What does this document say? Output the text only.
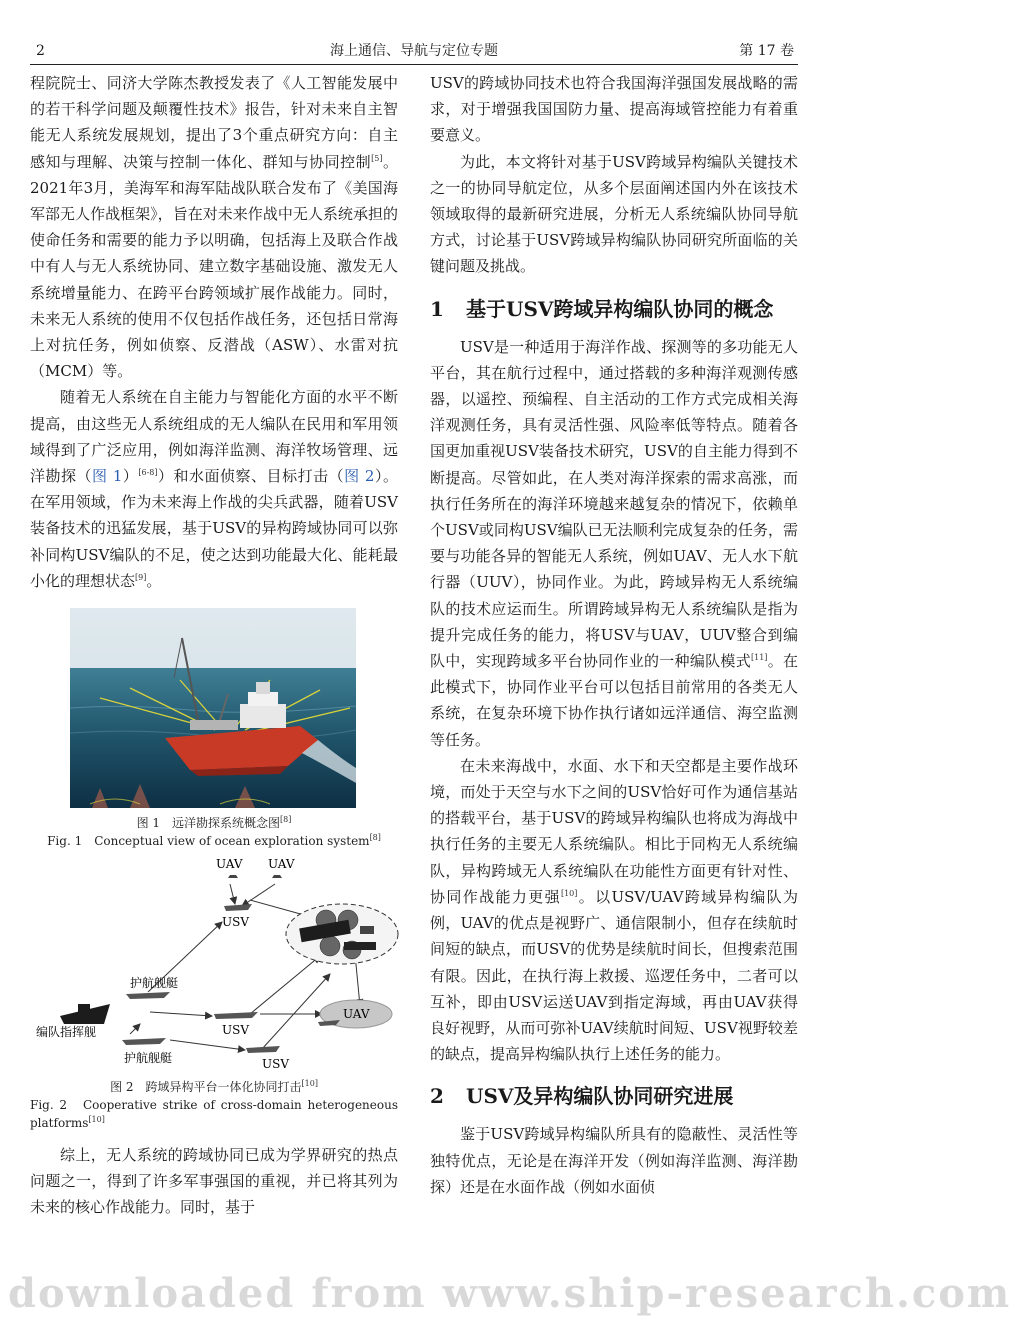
2	海上通信、导航与定位专题	第 17 卷

程院院士、同济大学陈杰教授发表了《人工智能发展中的若干科学问题及颠覆性技术》报告，针对未来自主智能无人系统发展规划，提出了3个重点研究方向：自主感知与理解、决策与控制一体化、群知与协同控制[5]。2021年3月，美海军和海军陆战队联合发布了《美国海军部无人作战框架》，旨在对未来作战中无人系统承担的使命任务和需要的能力予以明确，包括海上及联合作战中有人与无人系统协同、建立数字基础设施、激发无人系统增量能力、在跨平台跨领域扩展作战能力。同时，未来无人系统的使用不仅包括作战任务，还包括日常海上对抗任务，例如侦察、反潜战（ASW）、水雷对抗（MCM）等。

随着无人系统在自主能力与智能化方面的水平不断提高，由这些无人系统组成的无人编队在民用和军用领域得到了广泛应用，例如海洋监测、海洋牧场管理、远洋勘探（图 1）[6-8]）和水面侦察、目标打击（图 2）。在军用领域，作为未来海上作战的尖兵武器，随着USV装备技术的迅猛发展，基于USV的异构跨域协同可以弥补同构USV编队的不足，使之达到功能最大化、能耗最小化的理想状态[9]。

图 1　远洋勘探系统概念图[8]
Fig. 1　Conceptual view of ocean exploration system[8]
UAV UAV
USV
护航舰艇
USV
UAV
编队指挥舰
护航舰艇	USV
图 2　跨域异构平台一体化协同打击[10]
Fig. 2　Cooperative strike of cross-domain heterogeneous platforms[10]

综上，无人系统的跨域协同已成为学界研究的热点问题之一，得到了许多军事强国的重视，并已将其列为未来的核心作战能力。同时，基于

USV的跨域协同技术也符合我国海洋强国发展战略的需求，对于增强我国国防力量、提高海域管控能力有着重要意义。

为此，本文将针对基于USV跨域异构编队关键技术之一的协同导航定位，从多个层面阐述国内外在该技术领域取得的最新研究进展，分析无人系统编队协同导航方式，讨论基于USV跨域异构编队协同研究所面临的关键问题及挑战。

1 基于USV跨域异构编队协同的概念

USV是一种适用于海洋作战、探测等的多功能无人平台，其在航行过程中，通过搭载的多种海洋观测传感器，以遥控、预编程、自主活动的工作方式完成相关海洋观测任务，具有灵活性强、风险率低等特点。随着各国更加重视USV装备技术研究，USV的自主能力得到不断提高。尽管如此，在人类对海洋探索的需求高涨，而执行任务所在的海洋环境越来越复杂的情况下，依赖单个USV或同构USV编队已无法顺利完成复杂的任务，需要与功能各异的智能无人系统，例如UAV、无人水下航行器（UUV），协同作业。为此，跨域异构无人系统编队的技术应运而生。所谓跨域异构无人系统编队是指为提升完成任务的能力，将USV与UAV，UUV整合到编队中，实现跨域多平台协同作业的一种编队模式[11]。在此模式下，协同作业平台可以包括目前常用的各类无人系统，在复杂环境下协作执行诸如远洋通信、海空监测等任务。

在未来海战中，水面、水下和天空都是主要作战环境，而处于天空与水下之间的USV恰好可作为通信基站的搭载平台，基于USV的跨域异构编队也将成为海战中执行任务的主要无人系统编队。相比于同构无人系统编队，异构跨域无人系统编队在功能性方面更有针对性、协同作战能力更强[10]。以USV/UAV跨域异构编队为例，UAV的优点是视野广、通信限制小，但存在续航时间短的缺点，而USV的优势是续航时间长，但搜索范围有限。因此，在执行海上救援、巡逻任务中，二者可以互补，即由USV运送UAV到指定海域，再由UAV获得良好视野，从而可弥补UAV续航时间短、USV视野较差的缺点，提高异构编队执行上述任务的能力。

2 USV及异构编队协同研究进展

鉴于USV跨域异构编队所具有的隐蔽性、灵活性等独特优点，无论是在海洋开发（例如海洋监测、海洋勘探）还是在水面作战（例如水面侦

downloaded from www.ship-research.com
